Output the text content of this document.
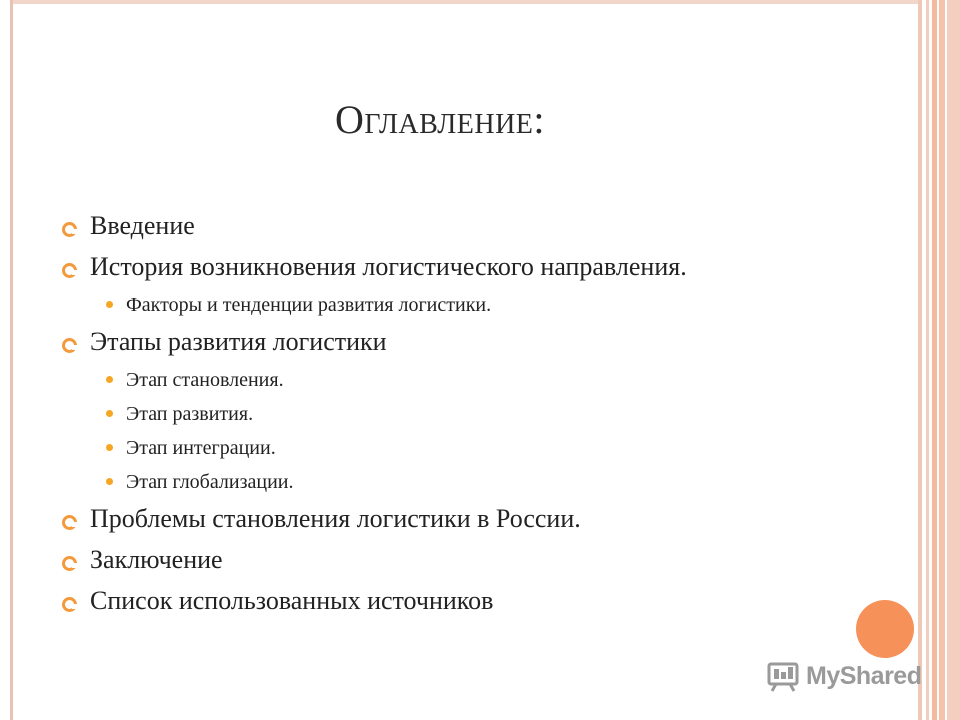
Оглавление:
Введение
История возникновения логистического направления.
Факторы и тенденции развития логистики.
Этапы развития логистики
Этап становления.
Этап развития.
Этап интеграции.
Этап глобализации.
Проблемы становления логистики в России.
Заключение
Список использованных источников
MyShared
